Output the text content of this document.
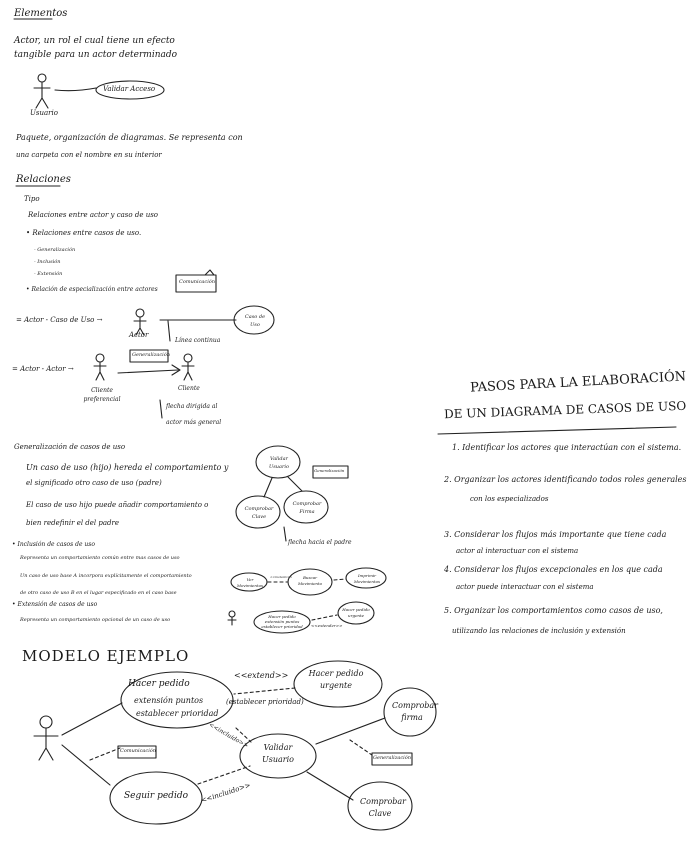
Elementos
Actor, un rol el cual tiene un efecto tangible para un actor determinado
Usuario
Validar Acceso
Paquete, organización de diagramas. Se representa con
una carpeta con el nombre en su interior
Relaciones
Tipo
Relaciones entre actor y caso de uso
• Relaciones entre casos de uso.
- Generalización
- Inclusión
- Extensión
• Relación de especialización entre actores
= Actor - Caso de Uso →
Comunicación
Actor
Caso de Uso
Línea continua
= Actor - Actor →
Generalización
Cliente preferencial
Cliente
flecha dirigida al
actor más general
Generalización de casos de uso
Un caso de uso (hijo) hereda el comportamiento y
el significado otro caso de uso (padre)
El caso de uso hijo puede añadir comportamiento o
bien redefinir el del padre
Validar Usuario
Generalización
Comprobar Clave
Comprobar Firma
flecha hacia el padre
• Inclusión de casos de uso
Representa un comportamiento común entre mas casos de uso
Un caso de uso base A incorpora explícitamente el comportamiento
de otro caso de uso B en el lugar especificado en el caso base
• Extensión de casos de uso
Representa un comportamiento opcional de un caso de uso
Ver Movimientos
Buscar Movimiento
Imprimir Movimientos
<<incluido>>
Hacer pedido extensión puntos establecer prioridad
Hacer pedido urgente
<<extender>>
PASOS PARA LA ELABORACIÓN
DE UN DIAGRAMA DE CASOS DE USO
1. Identificar los actores que interactúan con el sistema.
2. Organizar los actores identificando todos roles generales
con los especializados
3. Considerar los flujos más importante que tiene cada
actor al interactuar con el sistema
4. Considerar los flujos excepcionales en los que cada
actor puede interactuar con el sistema
5. Organizar los comportamientos como casos de uso,
utilizando las relaciones de inclusión y extensión
MODELO EJEMPLO
Hacer pedido
extensión puntos
establecer prioridad
<<extend>>	Hacer pedido urgente
(establecer prioridad)
<<incluido>>	Validar Usuario
Comunicación
Seguir pedido <<incluido>>
Comprobar firma
Generalización
Comprobar Clave
